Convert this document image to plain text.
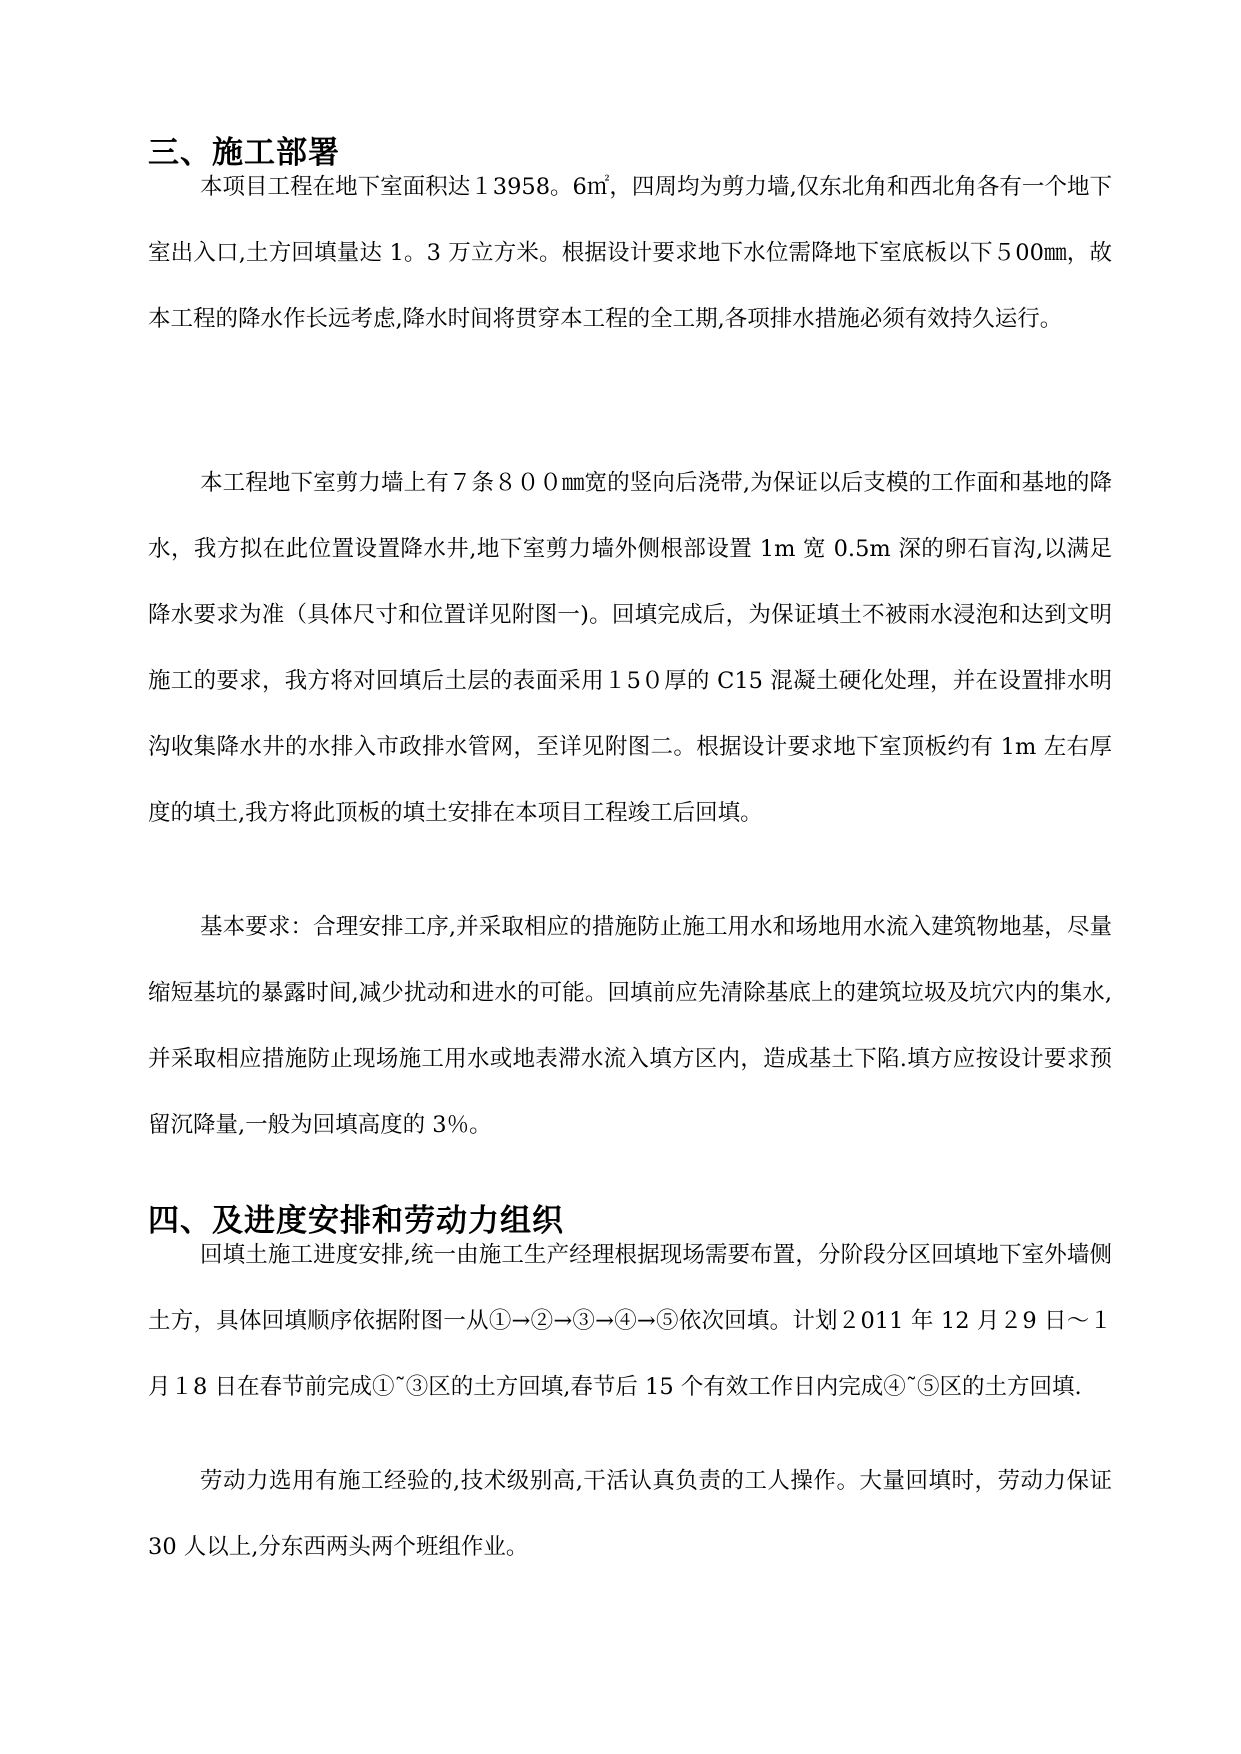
三、施工部署

本项目工程在地下室面积达１3958。6㎡，四周均为剪力墙,仅东北角和西北角各有一个地下室出入口,土方回填量达 1。3 万立方米。根据设计要求地下水位需降地下室底板以下５00㎜，故本工程的降水作长远考虑,降水时间将贯穿本工程的全工期,各项排水措施必须有效持久运行。

本工程地下室剪力墙上有７条８００㎜宽的竖向后浇带,为保证以后支模的工作面和基地的降水，我方拟在此位置设置降水井,地下室剪力墙外侧根部设置 1m 宽 0.5m 深的卵石盲沟,以满足降水要求为准（具体尺寸和位置详见附图一)。回填完成后，为保证填土不被雨水浸泡和达到文明施工的要求，我方将对回填后土层的表面采用１5０厚的 C15 混凝土硬化处理，并在设置排水明沟收集降水井的水排入市政排水管网，至详见附图二。根据设计要求地下室顶板约有 1m 左右厚度的填土,我方将此顶板的填土安排在本项目工程竣工后回填。

基本要求：合理安排工序,并采取相应的措施防止施工用水和场地用水流入建筑物地基，尽量缩短基坑的暴露时间,减少扰动和进水的可能。回填前应先清除基底上的建筑垃圾及坑穴内的集水,并采取相应措施防止现场施工用水或地表滞水流入填方区内，造成基土下陷.填方应按设计要求预留沉降量,一般为回填高度的 3％。

四、及进度安排和劳动力组织

回填土施工进度安排,统一由施工生产经理根据现场需要布置，分阶段分区回填地下室外墙侧土方，具体回填顺序依据附图一从①→②→③→④→⑤依次回填。计划２011 年 12 月２9 日～１月１8 日在春节前完成①˜③区的土方回填,春节后 15 个有效工作日内完成④˜⑤区的土方回填.

劳动力选用有施工经验的,技术级别高,干活认真负责的工人操作。大量回填时，劳动力保证　30 人以上,分东西两头两个班组作业。
